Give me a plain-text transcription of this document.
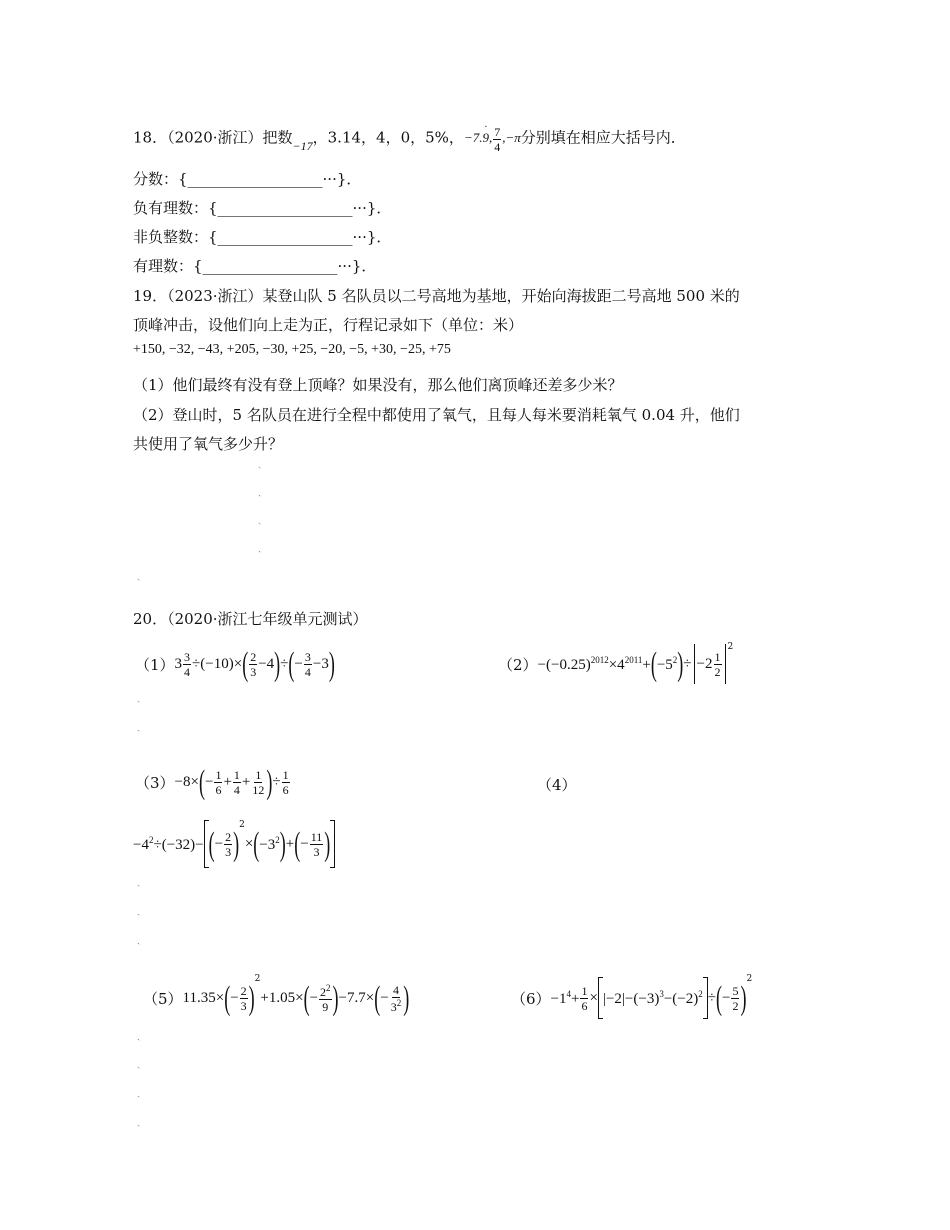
18．（2020·浙江）把数$_{-17}$，3.14，4，0，5%，−7.9
·
, $\frac{7}{4} ,-\pi$分别填在相应大括号内．
分数：{__________________···}．
负有理数：{__________________···}．
非负整数：{__________________···}．
有理数：{__________________···}．
19．（2023·浙江）某登山队 5 名队员以二号高地为基地，开始向海拔距二号高地 500 米的
顶峰冲击，设他们向上走为正，行程记录如下（单位：米）
+150, −32, −43, +205, −30, +25, −20, −5, +30, −25, +75
（1）他们最终有没有登上顶峰？如果没有，那么他们离顶峰还差多少米？
（2）登山时，5 名队员在进行全程中都使用了氧气，且每人每米要消耗氧气 0.04 升，他们
共使用了氧气多少升？
ˎ
ˎ
ˎ
ˎ
ˎ
20．（2020·浙江七年级单元测试）
（1） $3 \frac{3}{4} \div(-10)\times$ ( $\frac{2}{3} -4$ ) ÷ ( − $\frac{3}{4} -3$ )	$(2) -(-0.25)^{2012}\times 4^{2011}+$ ( $-5^2$ ) ÷ $-2 \frac{1}{2}$
$^2$
ˎ
ˎ
（3） −8× ( − $\frac{1}{6} + \frac{1}{4} + \frac{1}{12}$ ) ÷ $\frac{1}{6}$	（4）
$-4^2\div(-32)-$ ( − $\frac{2}{3} )^2$
× ( $-3^2$ ) + ( − $\frac{11}{3}$ )
ˎ
ˎ
ˎ
（5） 11.35× ( − $\frac{2}{3} )^2$
+1.05× ( − $\frac{2^2}{9}$ ) −7.7× ( − $\frac{4}{3^2}$ )	$(6) -1^4+ \frac{1}{6} \times |-2|-(-3)^3-(-2)^2$ ÷ ( − $\frac{5}{2} )^2$
ˎ
ˎ
ˎ
ˎ
